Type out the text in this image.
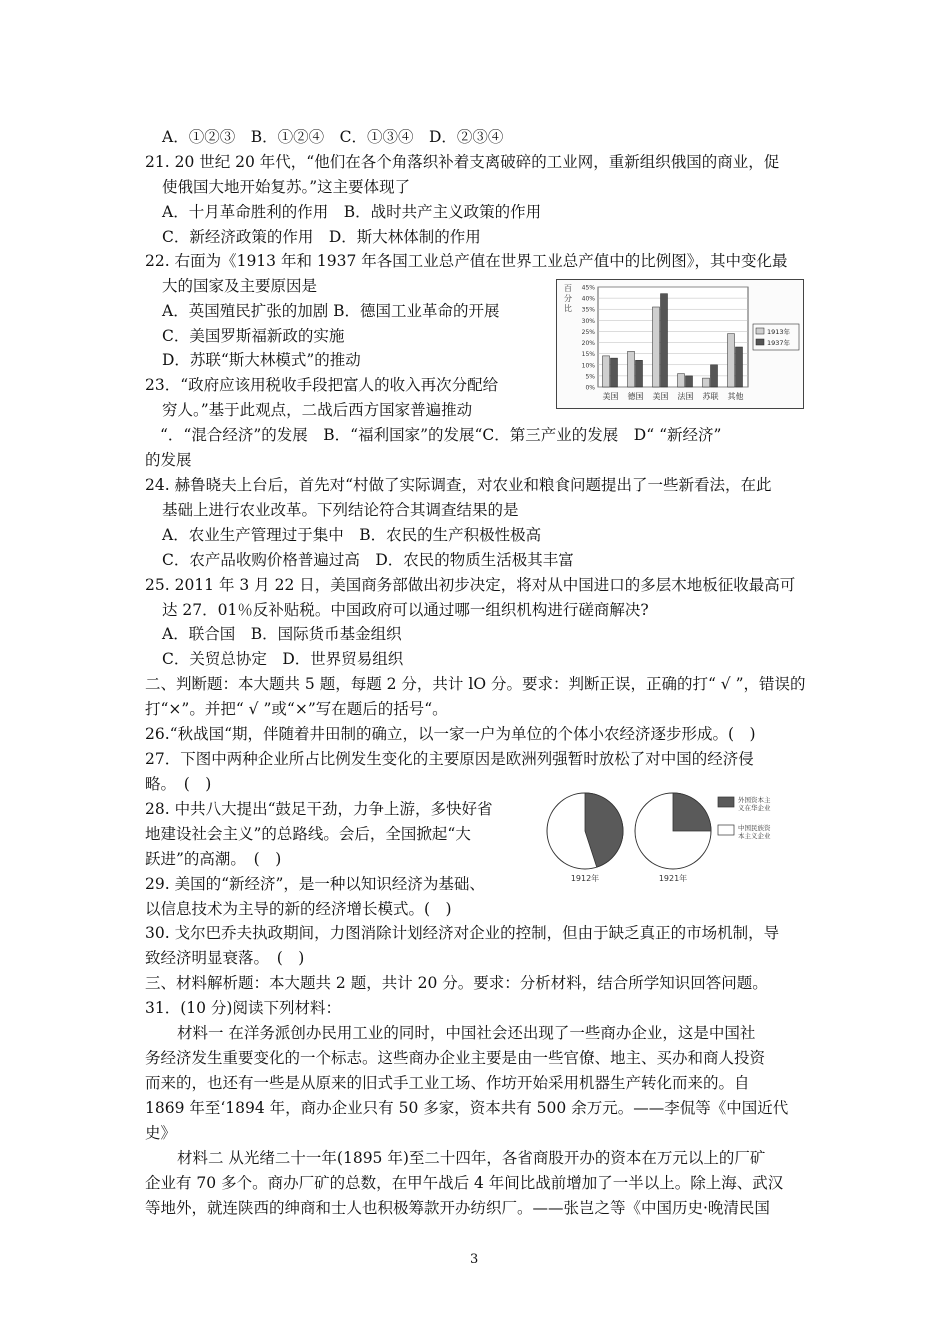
A．①②③　B．①②④　C．①③④　D．②③④
21. 20 世纪 20 年代，“他们在各个角落织补着支离破碎的工业网，重新组织俄国的商业，促
使俄国大地开始复苏。”这主要体现了
A．十月革命胜利的作用　B．战时共产主义政策的作用
C．新经济政策的作用　D．斯大林体制的作用
22. 右面为《1913 年和 1937 年各国工业总产值在世界工业总产值中的比例图》，其中变化最
大的国家及主要原因是
A．英国殖民扩张的加剧 B．德国工业革命的开展
C．美国罗斯福新政的实施
D．苏联“斯大林模式”的推动
23．“政府应该用税收手段把富人的收入再次分配给
穷人。”基于此观点，二战后西方国家普遍推动
“．“混合经济”的发展　B．“福利国家”的发展“C．第三产业的发展　D“ “新经济”
的发展
24. 赫鲁晓夫上台后，首先对“村做了实际调查，对农业和粮食问题提出了一些新看法，在此
基础上进行农业改革。下列结论符合其调查结果的是
A．农业生产管理过于集中　B．农民的生产积极性极高
C．农产品收购价格普遍过高　D．农民的物质生活极其丰富
25. 2011 年 3 月 22 日，美国商务部做出初步决定，将对从中国进口的多层木地板征收最高可
达 27．01％反补贴税。中国政府可以通过哪一组织机构进行磋商解决?
A．联合国　B．国际货币基金组织
C．关贸总协定　D．世界贸易组织
二、判断题：本大题共 5 题，每题 2 分，共计 lO 分。要求：判断正误，正确的打“ √ ”，错误的
打“×”。并把“ √ ”或“×”写在题后的括号“。
26.“秋战国“期，伴随着井田制的确立，以一家一户为单位的个体小农经济逐步形成。(　)
27．下图中两种企业所占比例发生变化的主要原因是欧洲列强暂时放松了对中国的经济侵
略。　(　)
28. 中共八大提出“鼓足干劲，力争上游，多快好省
地建设社会主义”的总路线。会后，全国掀起“大
跃进”的高潮。　(　)
29. 美国的“新经济”，是一种以知识经济为基础、
以信息技术为主导的新的经济增长模式。(　)
30. 戈尔巴乔夫执政期间，力图消除计划经济对企业的控制，但由于缺乏真正的市场机制，导
致经济明显衰落。　(　)
三、材料解析题：本大题共 2 题，共计 20 分。要求：分析材料，结合所学知识回答问题。
31．(10 分)阅读下列材料：
材料一 在洋务派创办民用工业的同时，中国社会还出现了一些商办企业，这是中国社
务经济发生重要变化的一个标志。这些商办企业主要是由一些官僚、地主、买办和商人投资
而来的，也还有一些是从原来的旧式手工业工场、作坊开始采用机器生产转化而来的。自
1869 年至‘1894 年，商办企业只有 50 多家，资本共有 500 余万元。——李侃等《中国近代
史》
材料二 从光绪二十一年(1895 年)至二十四年，各省商股开办的资本在万元以上的厂矿
企业有 70 多个。商办厂矿的总数，在甲午战后 4 年间比战前增加了一半以上。除上海、武汉
等地外，就连陕西的绅商和士人也积极筹款开办纺织厂。——张岂之等《中国历史·晚清民国
3
百
分
比
45%
40%
35%
30%
25%
20%
15%
10%
5%
0%
美国 德国 美国 法国 苏联 其他
1913年
1937年
1912年	1921年
外国资本主
义在华企业
中国民族资
本主义企业
